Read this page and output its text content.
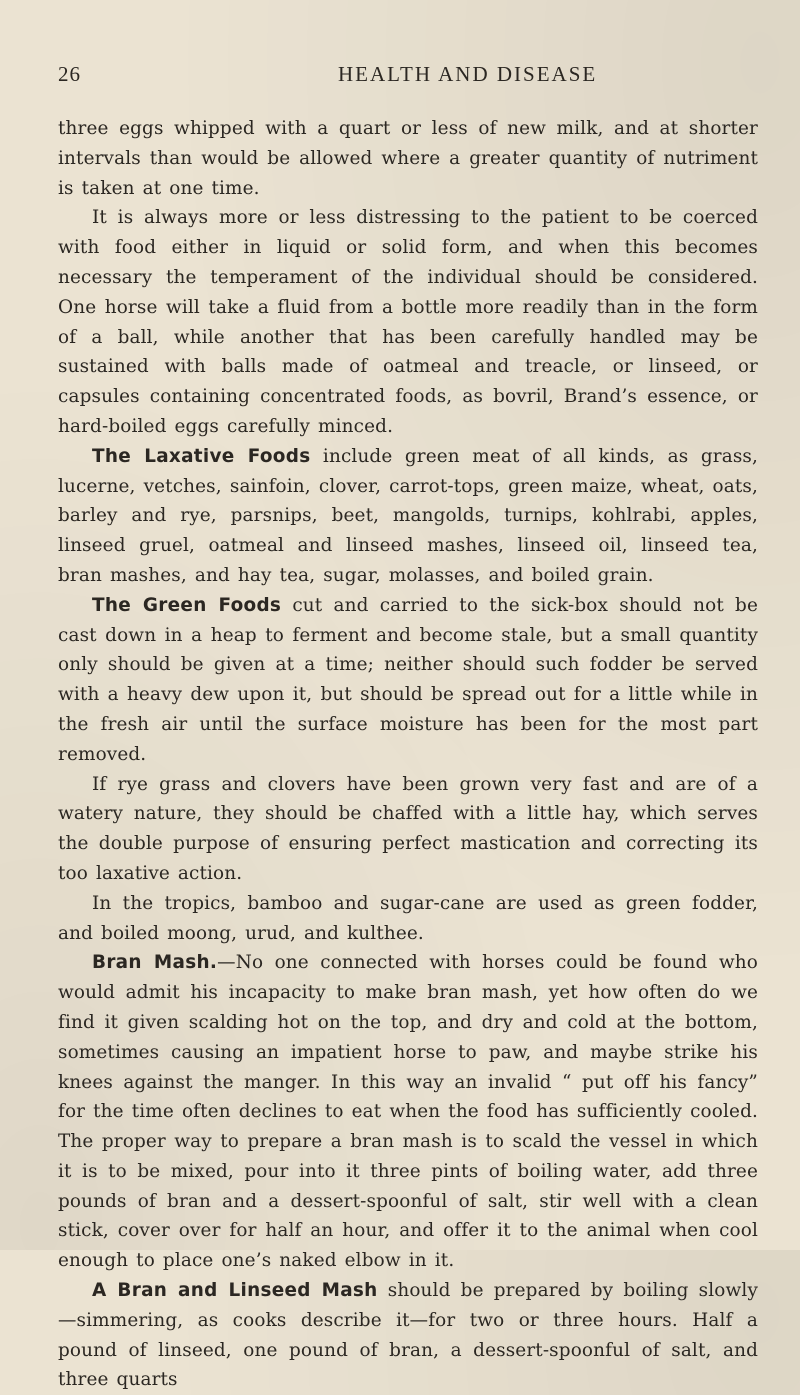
26	HEALTH AND DISEASE

three eggs whipped with a quart or less of new milk, and at shorter intervals than would be allowed where a greater quantity of nutriment is taken at one time.

It is always more or less distressing to the patient to be coerced with food either in liquid or solid form, and when this becomes necessary the temperament of the individual should be considered. One horse will take a fluid from a bottle more readily than in the form of a ball, while another that has been carefully handled may be sustained with balls made of oatmeal and treacle, or linseed, or capsules containing concentrated foods, as bovril, Brand’s essence, or hard-boiled eggs carefully minced.

The Laxative Foods include green meat of all kinds, as grass, lucerne, vetches, sainfoin, clover, carrot-tops, green maize, wheat, oats, barley and rye, parsnips, beet, mangolds, turnips, kohlrabi, apples, linseed gruel, oatmeal and linseed mashes, linseed oil, linseed tea, bran mashes, and hay tea, sugar, molasses, and boiled grain.

The Green Foods cut and carried to the sick-box should not be cast down in a heap to ferment and become stale, but a small quantity only should be given at a time; neither should such fodder be served with a heavy dew upon it, but should be spread out for a little while in the fresh air until the surface moisture has been for the most part removed.

If rye grass and clovers have been grown very fast and are of a watery nature, they should be chaffed with a little hay, which serves the double purpose of ensuring perfect mastication and correcting its too laxative action.

In the tropics, bamboo and sugar-cane are used as green fodder, and boiled moong, urud, and kulthee.

Bran Mash.—No one connected with horses could be found who would admit his incapacity to make bran mash, yet how often do we find it given scalding hot on the top, and dry and cold at the bottom, sometimes causing an impatient horse to paw, and maybe strike his knees against the manger. In this way an invalid “ put off his fancy” for the time often declines to eat when the food has sufficiently cooled. The proper way to prepare a bran mash is to scald the vessel in which it is to be mixed, pour into it three pints of boiling water, add three pounds of bran and a dessert-spoonful of salt, stir well with a clean stick, cover over for half an hour, and offer it to the animal when cool enough to place one’s naked elbow in it.

A Bran and Linseed Mash should be prepared by boiling slowly —simmering, as cooks describe it—for two or three hours. Half a pound of linseed, one pound of bran, a dessert-spoonful of salt, and three quarts
